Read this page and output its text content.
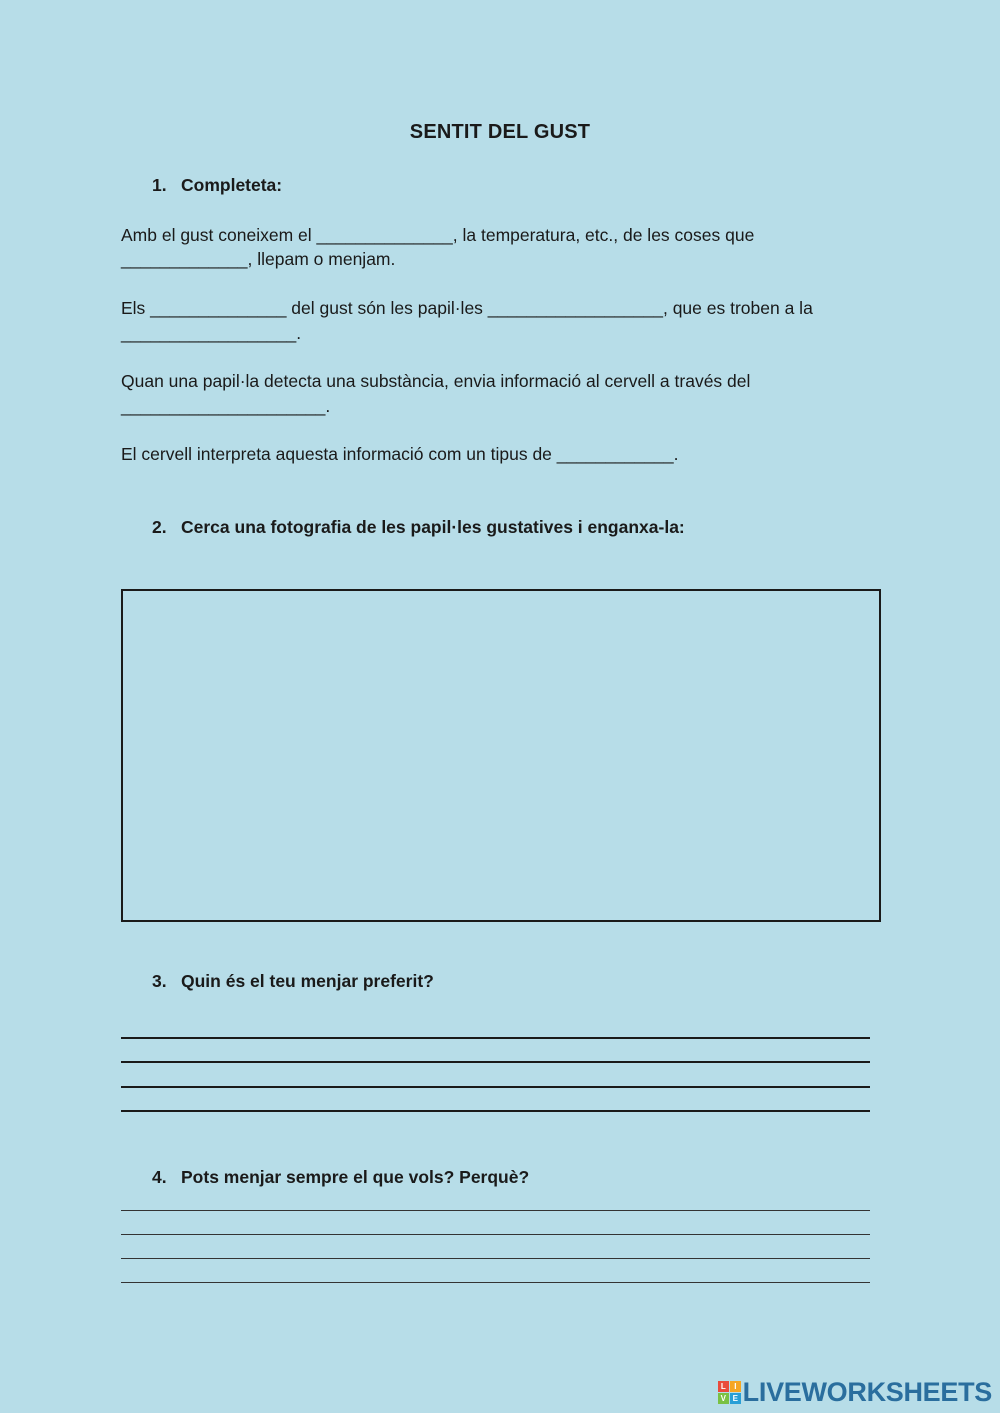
SENTIT DEL GUST
1. Completeta:
Amb el gust coneixem el ______________, la temperatura, etc., de les coses que
_____________, llepam o menjam.
Els ______________ del gust són les papil·les __________________, que es troben a la
__________________.
Quan una papil·la detecta una substància, envia informació al cervell a través del
_____________________.
El cervell interpreta aquesta informació com un tipus de ____________.
2. Cerca una fotografia de les papil·les gustatives i enganxa-la:
3. Quin és el teu menjar preferit?
4. Pots menjar sempre el que vols? Perquè?
L	I
V E LIVEWORKSHEETS
